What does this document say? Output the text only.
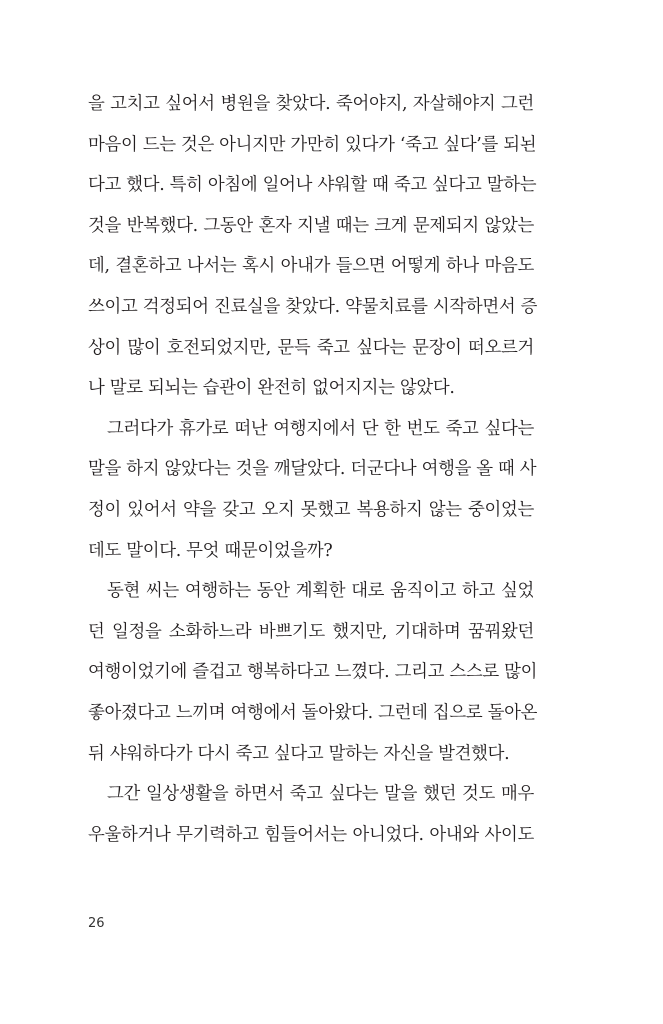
을 고치고 싶어서 병원을 찾았다. 죽어야지, 자살해야지 그런
마음이 드는 것은 아니지만 가만히 있다가 ‘죽고 싶다’를 되뇐
다고 했다. 특히 아침에 일어나 샤워할 때 죽고 싶다고 말하는
것을 반복했다. 그동안 혼자 지낼 때는 크게 문제되지 않았는
데, 결혼하고 나서는 혹시 아내가 들으면 어떻게 하나 마음도
쓰이고 걱정되어 진료실을 찾았다. 약물치료를 시작하면서 증
상이 많이 호전되었지만, 문득 죽고 싶다는 문장이 떠오르거
나 말로 되뇌는 습관이 완전히 없어지지는 않았다.
그러다가 휴가로 떠난 여행지에서 단 한 번도 죽고 싶다는
말을 하지 않았다는 것을 깨달았다. 더군다나 여행을 올 때 사
정이 있어서 약을 갖고 오지 못했고 복용하지 않는 중이었는
데도 말이다. 무엇 때문이었을까?
동현 씨는 여행하는 동안 계획한 대로 움직이고 하고 싶었
던 일정을 소화하느라 바쁘기도 했지만, 기대하며 꿈꿔왔던
여행이었기에 즐겁고 행복하다고 느꼈다. 그리고 스스로 많이
좋아졌다고 느끼며 여행에서 돌아왔다. 그런데 집으로 돌아온
뒤 샤워하다가 다시 죽고 싶다고 말하는 자신을 발견했다.
그간 일상생활을 하면서 죽고 싶다는 말을 했던 것도 매우
우울하거나 무기력하고 힘들어서는 아니었다. 아내와 사이도
26
